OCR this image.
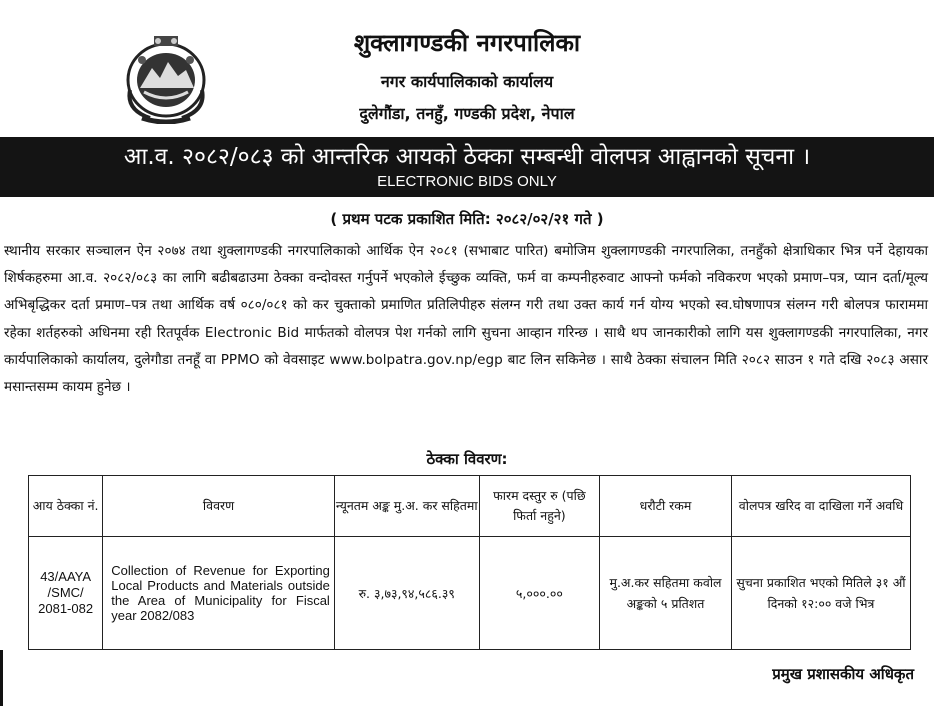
शुक्लागण्डकी नगरपालिका
नगर कार्यपालिकाको कार्यालय
दुलेगौंडा, तनहुँ, गण्डकी प्रदेश, नेपाल
आ.व. २०८२/०८३ को आन्तरिक आयको ठेक्का सम्बन्धी वोलपत्र आह्वानको सूचना ।
ELECTRONIC BIDS ONLY
( प्रथम पटक प्रकाशित मिति: २०८२/०२/२१ गते )
स्थानीय सरकार सञ्चालन ऐन २०७४ तथा शुक्लागण्डकी नगरपालिकाको आर्थिक ऐन २०८१ (सभाबाट पारित) बमोजिम शुक्लागण्डकी नगरपालिका, तनहुँको क्षेत्राधिकार भित्र पर्ने देहायका शिर्षकहरुमा आ.व. २०८२/०८३ का लागि बढीबढाउमा ठेक्का वन्दोवस्त गर्नुपर्ने भएकोले ईच्छुक व्यक्ति, फर्म वा कम्पनीहरुवाट आफ्नो फर्मको नविकरण भएको प्रमाण–पत्र, प्यान दर्ता/मूल्य अभिबृद्धिकर दर्ता प्रमाण–पत्र तथा आर्थिक वर्ष ०८०/०८१ को कर चुक्ताको प्रमाणित प्रतिलिपीहरु संलग्न गरी तथा उक्त कार्य गर्न योग्य भएको स्व.घोषणापत्र संलग्न गरी बोलपत्र फाराममा रहेका शर्तहरुको अधिनमा रही रितपूर्वक Electronic Bid मार्फतको वोलपत्र पेश गर्नको लागि सुचना आव्हान गरिन्छ । साथै थप जानकारीको लागि यस शुक्लागण्डकी नगरपालिका, नगर कार्यपालिकाको कार्यालय, दुलेगौडा तनहूँ वा PPMO को वेवसाइट www.bolpatra.gov.np/egp बाट लिन सकिनेछ । साथै ठेक्का संचालन मिति २०८२ साउन १ गते दखि २०८३ असार मसान्तसम्म कायम हुनेछ ।
ठेक्का विवरण:
आय ठेक्का नं.	विवरण	न्यूनतम अङ्क मु.अ. कर सहितमा	फारम दस्तुर रु (पछि फिर्ता नहुने)	धरौटी रकम	वोलपत्र खरिद वा दाखिला गर्ने अवधि
43/AAYA /SMC/ 2081-082	Collection of Revenue for Exporting Local Products and Materials outside the Area of Municipality for Fiscal year 2082/083	रु. ३,७३,९४,५८६.३९	५,०००.००	मु.अ.कर सहितमा कवोल अङ्कको ५ प्रतिशत	सुचना प्रकाशित भएको मितिले ३१ औं दिनको १२:०० वजे भित्र
प्रमुख प्रशासकीय अधिकृत
